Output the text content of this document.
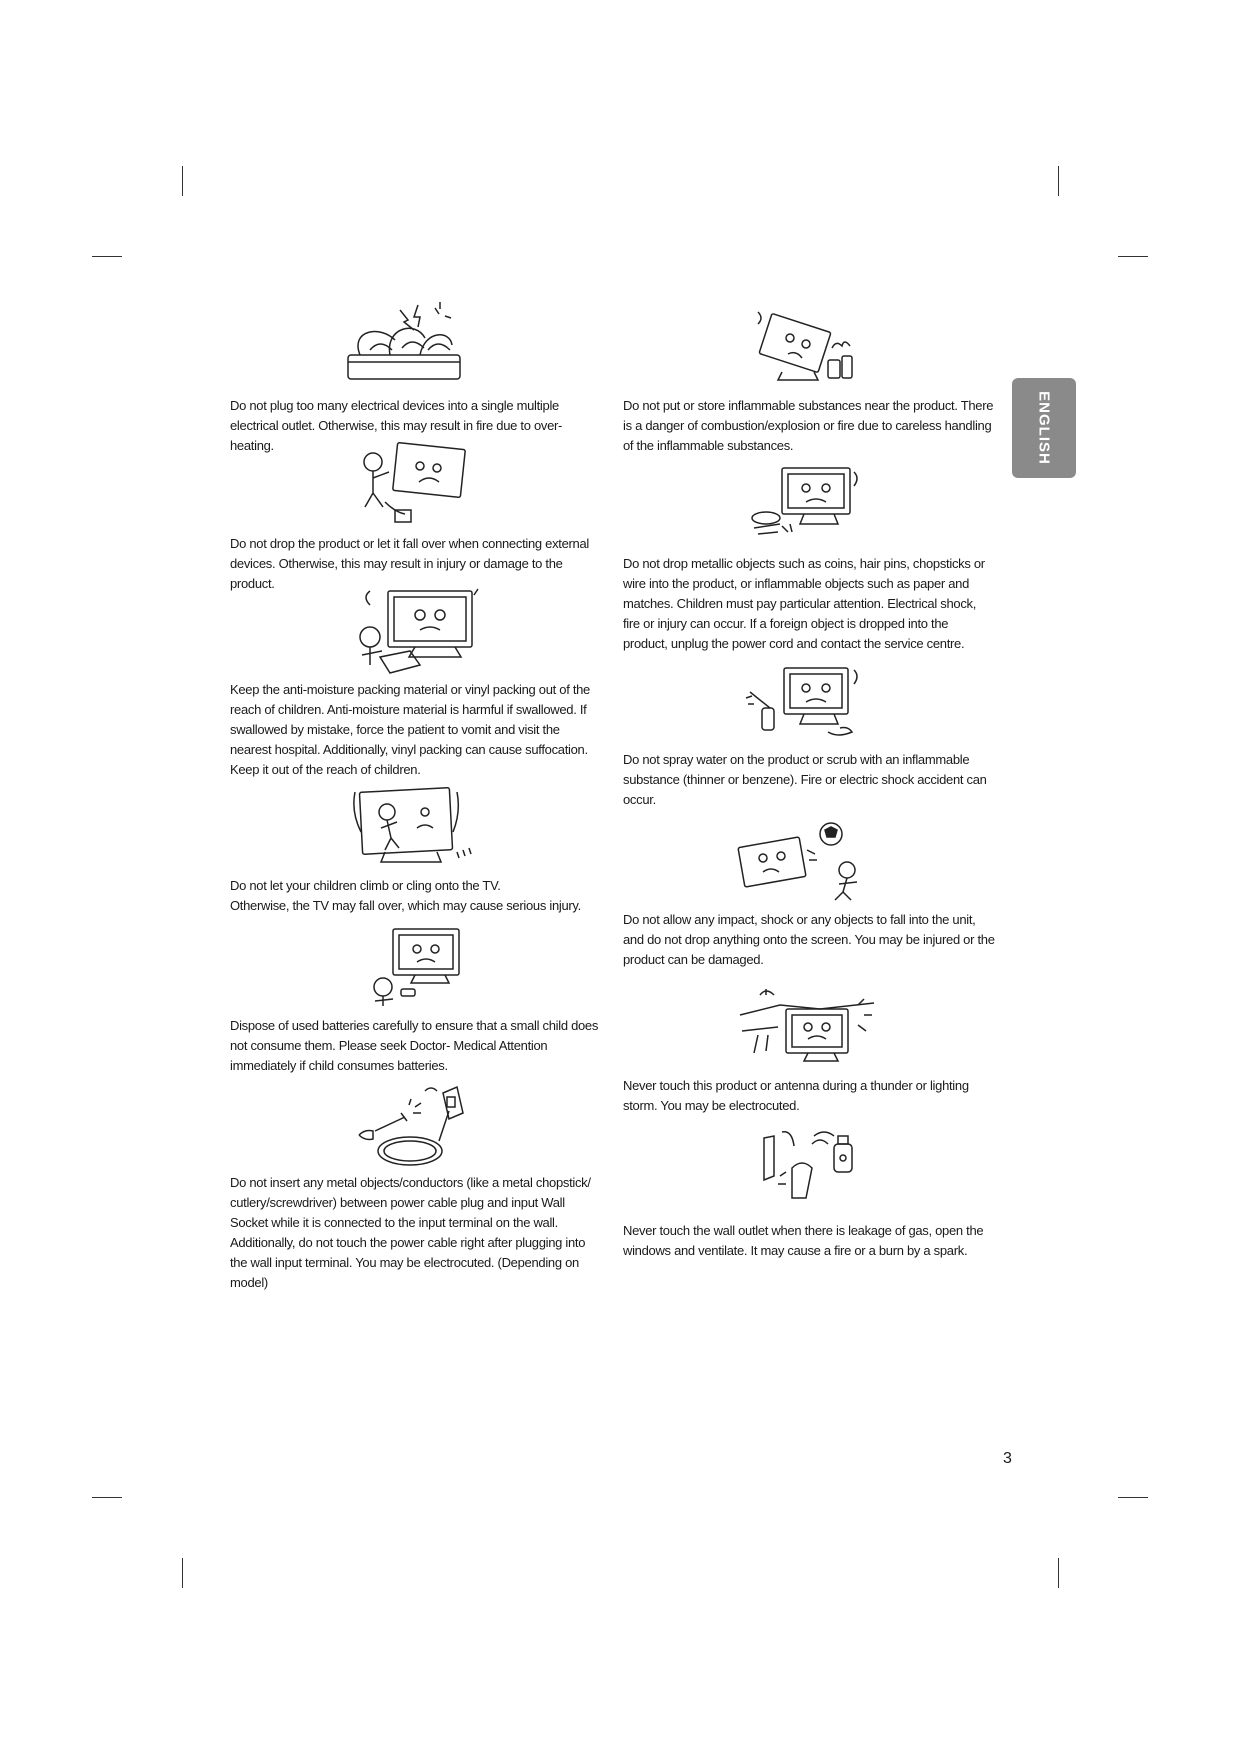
ENGLISH
Do not plug too many electrical devices into a single multiple electrical outlet. Otherwise, this may result in fire due to over-heating.
Do not drop the product or let it fall over when connecting external devices. Otherwise, this may result in injury or damage to the product.
Keep the anti-moisture packing material or vinyl packing out of the reach of children. Anti-moisture material is harmful if swallowed. If swallowed by mistake, force the patient to vomit and visit the nearest hospital. Additionally, vinyl packing can cause suffocation. Keep it out of the reach of children.
Do not let your children climb or cling onto the TV.
Otherwise, the TV may fall over, which may cause serious injury.
Dispose of used batteries carefully to ensure that a small child does not consume them. Please seek Doctor- Medical Attention immediately if child consumes batteries.
Do not insert any metal objects/conductors (like a metal chopstick/ cutlery/screwdriver) between power cable plug and input Wall Socket while it is connected to the input terminal on the wall. Additionally, do not touch the power cable right after plugging into the wall input terminal. You may be electrocuted. (Depending on model)
Do not put or store inflammable substances near the product. There is a danger of combustion/explosion or fire due to careless handling of the inflammable substances.
Do not drop metallic objects such as coins, hair pins, chopsticks or wire into the product, or inflammable objects such as paper and matches. Children must pay particular attention. Electrical shock, fire or injury can occur. If a foreign object is dropped into the product, unplug the power cord and contact the service centre.
Do not spray water on the product or scrub with an inflammable substance (thinner or benzene). Fire or electric shock accident can occur.
Do not allow any impact, shock or any objects to fall into the unit, and do not drop anything onto the screen. You may be injured or the product can be damaged.
Never touch this product or antenna during a thunder or lighting storm. You may be electrocuted.
Never touch the wall outlet when there is leakage of gas, open the windows and ventilate. It may cause a fire or a burn by a spark.
3
